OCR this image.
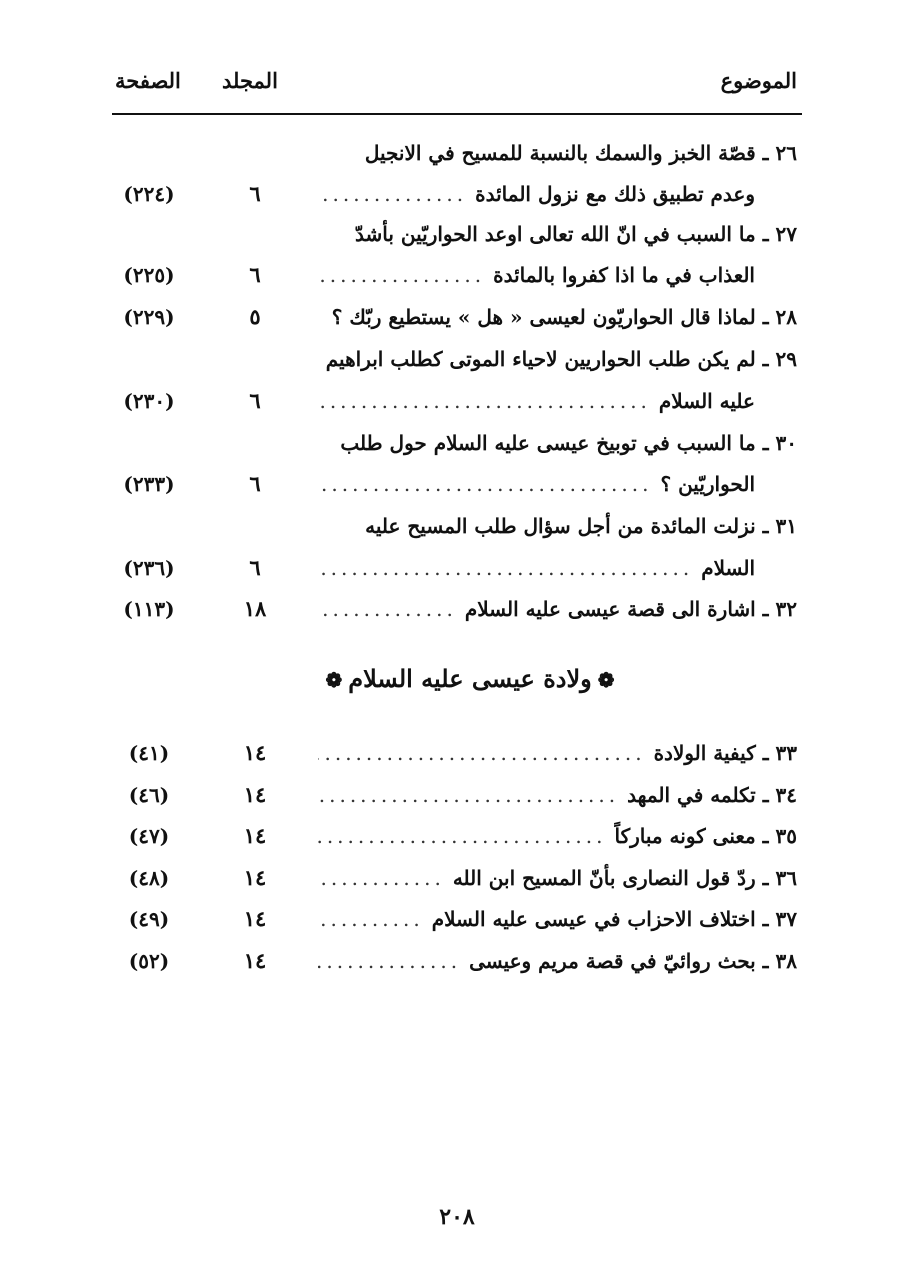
الموضوع
المجلد
الصفحة
٢٦ ـ قصّة الخبز والسمك بالنسبة للمسيح في الانجيل
وعدم تطبيق ذلك مع نزول المائدة
.....
٦
(٢٢٤)
٢٧ ـ ما السبب في انّ الله تعالى اوعد الحواريّين بأشدّ
العذاب في ما اذا كفروا بالمائدة
.....
٦
(٢٢٥)
٢٨ ـ لماذا قال الحواريّون لعيسى « هل » يستطيع ربّك ؟
٥
(٢٢٩)
٢٩ ـ لم يكن طلب الحواريين لاحياء الموتى كطلب ابراهيم
عليه السلام
.....
٦
(٢٣٠)
٣٠ ـ ما السبب في توبيخ عيسى عليه السلام حول طلب
الحواريّين ؟
.....
٦
(٢٣٣)
٣١ ـ نزلت المائدة من أجل سؤال طلب المسيح عليه
السلام
.....
٦
(٢٣٦)
٣٢ ـ اشارة الى قصة عيسى عليه السلام
.....
١٨
(١١٣)
❁ولادة عيسى عليه السلام❁
٣٣ ـ كيفية الولادة
.....
١٤
(٤١)
٣٤ ـ تكلمه في المهد
.....
١٤
(٤٦)
٣٥ ـ معنى كونه مباركاً
.....
١٤
(٤٧)
٣٦ ـ ردّ قول النصارى بأنّ المسيح ابن الله
.....
١٤
(٤٨)
٣٧ ـ اختلاف الاحزاب في عيسى عليه السلام
.....
١٤
(٤٩)
٣٨ ـ بحث روائيّ في قصة مريم وعيسى
.....
١٤
(٥٢)
٢٠٨
